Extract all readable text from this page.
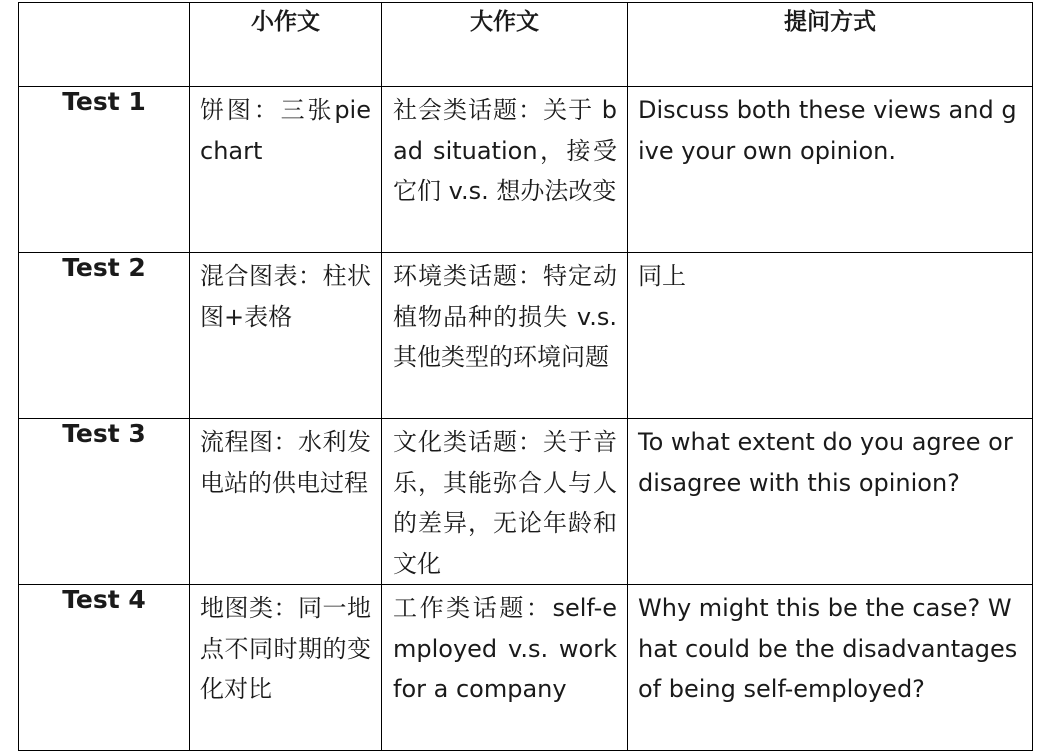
	小作文	大作文	提问方式
Test 1	饼图：三张pie chart	社会类话题：关于 bad situation，接受它们 v.s. 想办法改变	Discuss both these views and give your own opinion.

Test 2	混合图表：柱状图+表格	环境类话题：特定动植物品种的损失 v.s.其他类型的环境问题	同上

Test 3	流程图：水利发电站的供电过程	文化类话题：关于音乐，其能弥合人与人的差异，无论年龄和文化	To what extent do you agree or disagree with this opinion?

Test 4	地图类：同一地点不同时期的变化对比	工作类话题：self-employed v.s. work for a company	Why might this be the case? What could be the disadvantages of being self-employed?
